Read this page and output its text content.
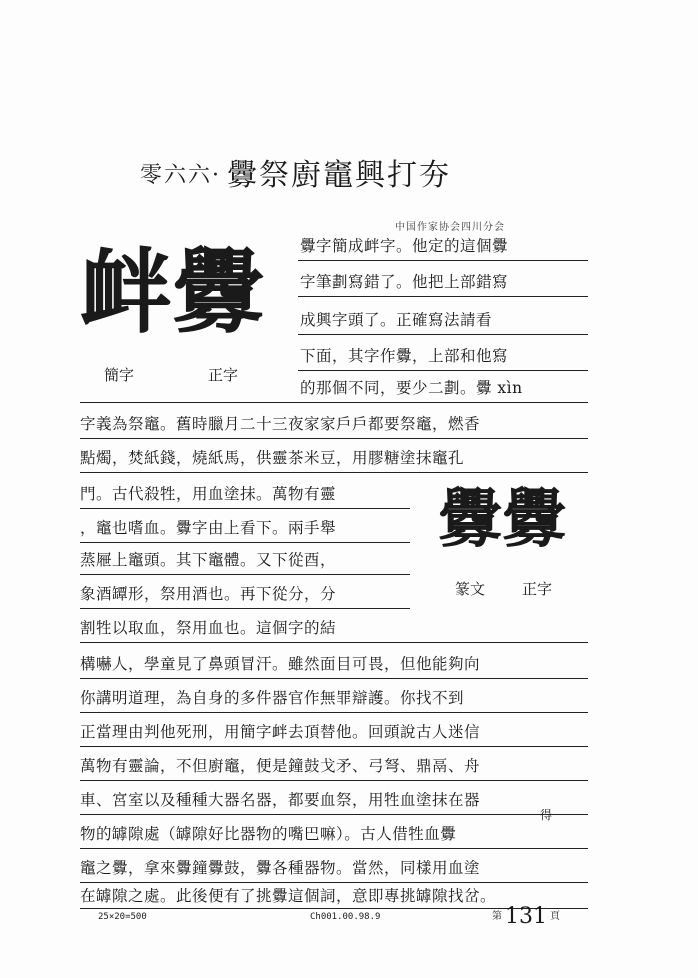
零六六· 釁祭廚竈興打夯
中国作家协会四川分会
衅釁
簡字	正字
釁釁
篆文 正字
釁字簡成衅字。他定的這個釁
字筆劃寫錯了。他把上部錯寫
成興字頭了。正確寫法請看
下面，其字作釁，上部和他寫
的那個不同，要少二劃。釁 xìn
字義為祭竈。舊時臘月二十三夜家家戶戶都要祭竈，燃香
點燭，焚紙錢，燒紙馬，供靈茶米豆，用膠糖塗抹竈孔
門。古代殺牲，用血塗抹。萬物有靈
，竈也嗜血。釁字由上看下。兩手舉
蒸屜上竈頭。其下竈體。又下從酉，
象酒罈形，祭用酒也。再下從分，分
割牲以取血，祭用血也。這個字的結
構嚇人，學童見了鼻頭冒汗。雖然面目可畏，但他能夠向
你講明道理，為自身的多件器官作無罪辯護。你找不到
正當理由判他死刑，用簡字衅去頂替他。回頭說古人迷信
萬物有靈論，不但廚竈，便是鐘鼓戈矛、弓弩、鼎鬲、舟
車、宮室以及種種大器名器，都要血祭，用牲血塗抹在器
得
物的罅隙處（罅隙好比器物的嘴巴嘛）。古人借牲血釁
竈之釁，拿來釁鐘釁鼓，釁各種器物。當然，同樣用血塗
在罅隙之處。此後便有了挑釁這個詞，意即專挑罅隙找岔。
25×20=500	Ch001.00.98.9	第 131 頁
